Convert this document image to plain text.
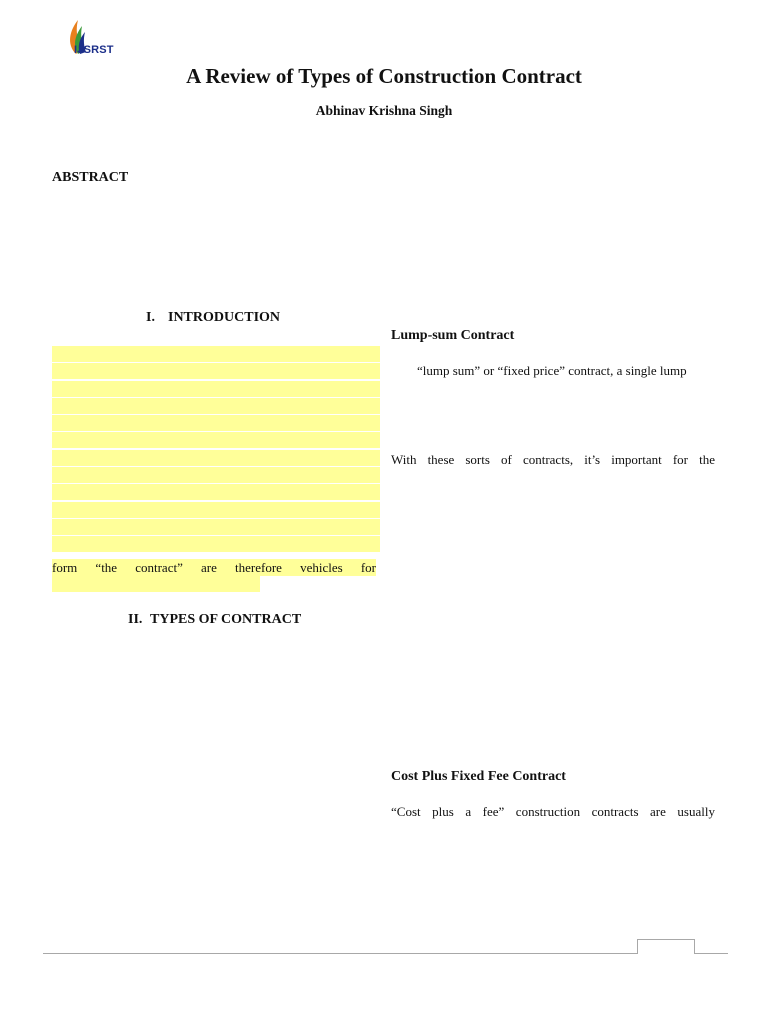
IJSRST
A Review of Types of Construction Contract
Abhinav Krishna Singh
ABSTRACT
I. INTRODUCTION
form “the contract” are therefore vehicles for
II. TYPES OF CONTRACT
Lump-sum Contract
“lump sum” or “fixed price” contract, a single lump
With these sorts of contracts, it’s important for the
Cost Plus Fixed Fee Contract
“Cost plus a fee” construction contracts are usually
